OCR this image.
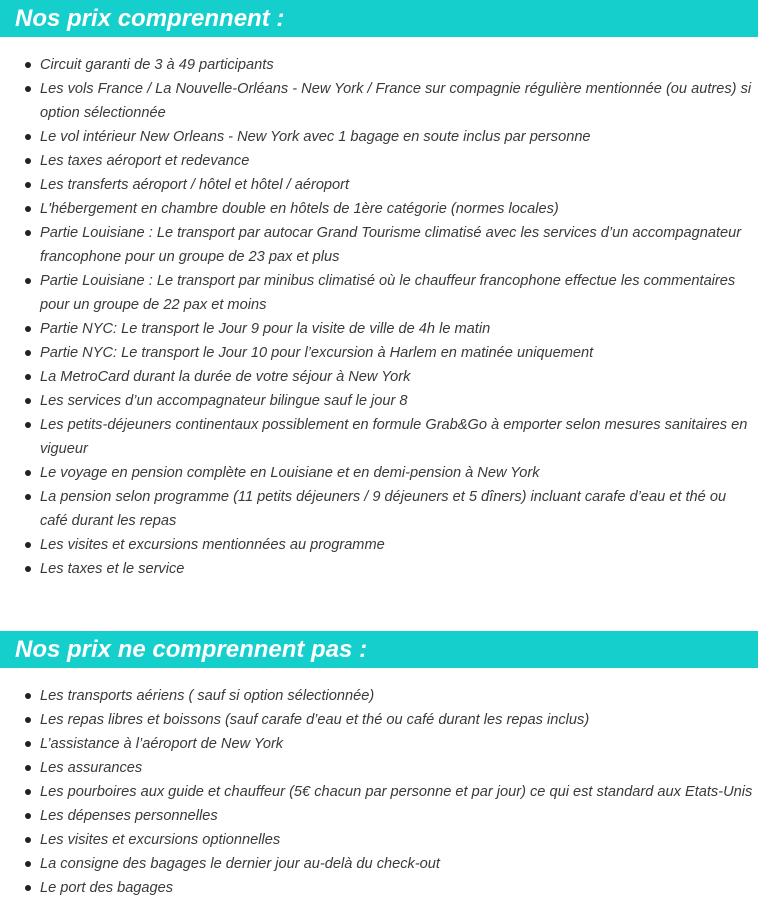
Nos prix comprennent :
Circuit garanti de 3 à 49 participants
Les vols France / La Nouvelle-Orléans - New York / France sur compagnie régulière mentionnée (ou autres) si option sélectionnée
Le vol intérieur New Orleans - New York avec 1 bagage en soute inclus par personne
Les taxes aéroport et redevance
Les transferts aéroport / hôtel et hôtel / aéroport
L'hébergement en chambre double en hôtels de 1ère catégorie (normes locales)
Partie Louisiane : Le transport par autocar Grand Tourisme climatisé avec les services d’un accompagnateur francophone pour un groupe de 23 pax et plus
Partie Louisiane : Le transport par minibus climatisé où le chauffeur francophone effectue les commentaires pour un groupe de 22 pax et moins
Partie NYC: Le transport le Jour 9 pour la visite de ville de 4h le matin
Partie NYC: Le transport le Jour 10 pour l’excursion à Harlem en matinée uniquement
La MetroCard durant la durée de votre séjour à New York
Les services d’un accompagnateur bilingue sauf le jour 8
Les petits-déjeuners continentaux possiblement en formule Grab&Go à emporter selon mesures sanitaires en vigueur
Le voyage en pension complète en Louisiane et en demi-pension à New York
La pension selon programme (11 petits déjeuners / 9 déjeuners et 5 dîners) incluant carafe d’eau et thé ou café durant les repas
Les visites et excursions mentionnées au programme
Les taxes et le service
Nos prix ne comprennent pas :
Les transports aériens ( sauf si option sélectionnée)
Les repas libres et boissons (sauf carafe d’eau et thé ou café durant les repas inclus)
L’assistance à l’aéroport de New York
Les assurances
Les pourboires aux guide et chauffeur (5€ chacun par personne et par jour) ce qui est standard aux Etats-Unis
Les dépenses personnelles
Les visites et excursions optionnelles
La consigne des bagages le dernier jour au-delà du check-out
Le port des bagages
